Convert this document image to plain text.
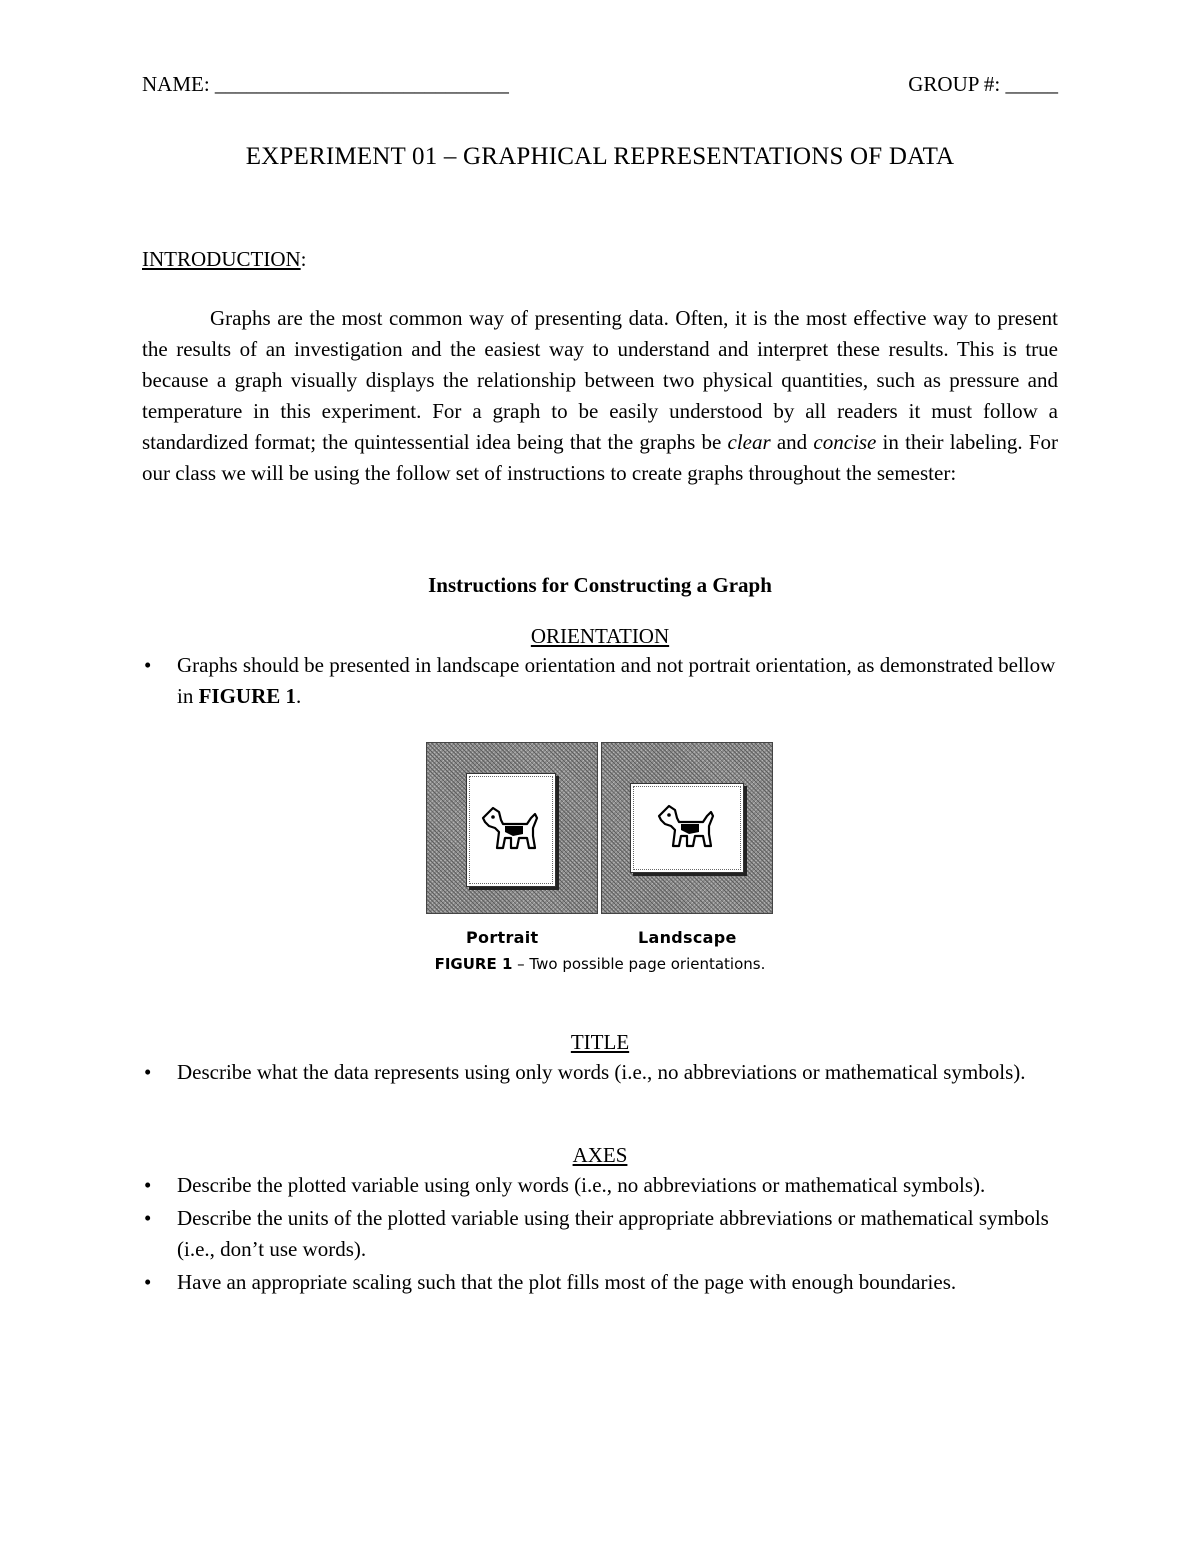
NAME: ____________________________	GROUP #: _____
EXPERIMENT 01 – GRAPHICAL REPRESENTATIONS OF DATA
INTRODUCTION:
Graphs are the most common way of presenting data. Often, it is the most effective way to present the results of an investigation and the easiest way to understand and interpret these results. This is true because a graph visually displays the relationship between two physical quantities, such as pressure and temperature in this experiment. For a graph to be easily understood by all readers it must follow a standardized format; the quintessential idea being that the graphs be clear and concise in their labeling. For our class we will be using the follow set of instructions to create graphs throughout the semester:
Instructions for Constructing a Graph
ORIENTATION
•	Graphs should be presented in landscape orientation and not portrait orientation, as demonstrated bellow in FIGURE 1.
Portrait	Landscape
FIGURE 1 – Two possible page orientations.
TITLE
•	Describe what the data represents using only words (i.e., no abbreviations or mathematical symbols).
AXES
•	Describe the plotted variable using only words (i.e., no abbreviations or mathematical symbols).
•	Describe the units of the plotted variable using their appropriate abbreviations or mathematical symbols (i.e., don’t use words).
•	Have an appropriate scaling such that the plot fills most of the page with enough boundaries.
